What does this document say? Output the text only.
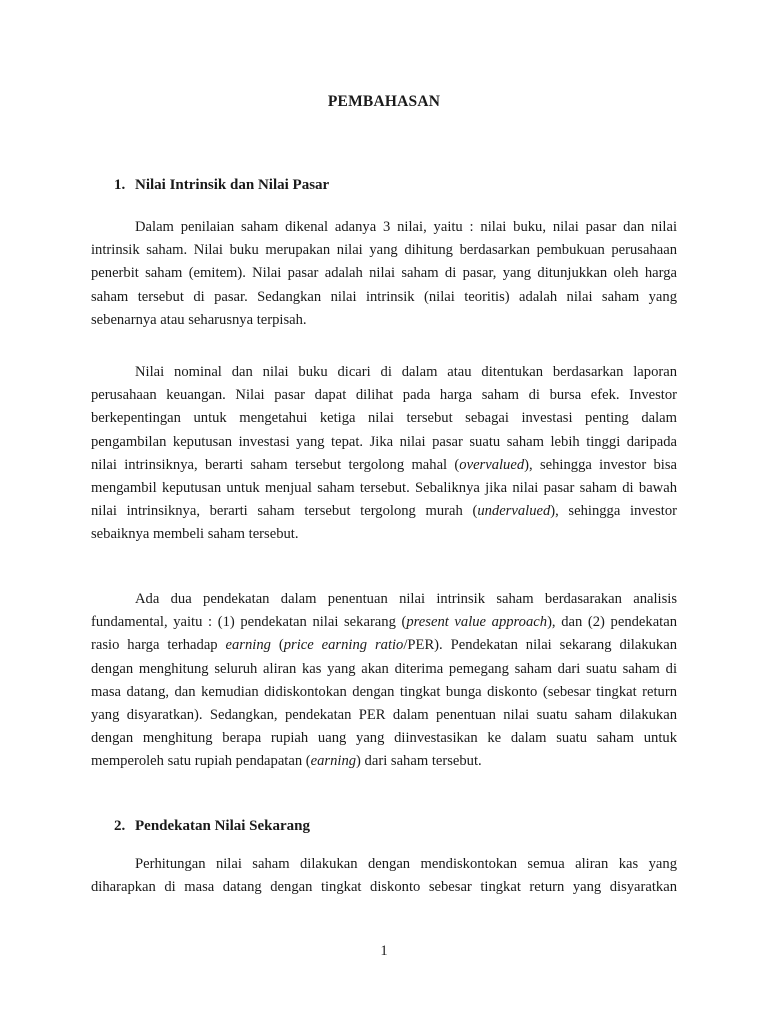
PEMBAHASAN
1. Nilai Intrinsik dan Nilai Pasar
Dalam penilaian saham dikenal adanya 3 nilai, yaitu : nilai buku, nilai pasar dan nilai
intrinsik saham. Nilai buku merupakan nilai yang dihitung berdasarkan pembukuan perusahaan
penerbit saham (emitem). Nilai pasar adalah nilai saham di pasar, yang ditunjukkan oleh harga
saham tersebut di pasar. Sedangkan nilai intrinsik (nilai teoritis) adalah nilai saham yang
sebenarnya atau seharusnya terpisah.
Nilai nominal dan nilai buku dicari di dalam atau ditentukan berdasarkan laporan
perusahaan keuangan. Nilai pasar dapat dilihat pada harga saham di bursa efek. Investor
berkepentingan untuk mengetahui ketiga nilai tersebut sebagai investasi penting dalam
pengambilan keputusan investasi yang tepat. Jika nilai pasar suatu saham lebih tinggi daripada
nilai intrinsiknya, berarti saham tersebut tergolong mahal (overvalued), sehingga investor bisa
mengambil keputusan untuk menjual saham tersebut. Sebaliknya jika nilai pasar saham di bawah
nilai intrinsiknya, berarti saham tersebut tergolong murah (undervalued), sehingga investor
sebaiknya membeli saham tersebut.
Ada dua pendekatan dalam penentuan nilai intrinsik saham berdasarakan analisis
fundamental, yaitu : (1) pendekatan nilai sekarang (present value approach), dan (2) pendekatan
rasio harga terhadap earning (price earning ratio/PER). Pendekatan nilai sekarang dilakukan
dengan menghitung seluruh aliran kas yang akan diterima pemegang saham dari suatu saham di
masa datang, dan kemudian didiskontokan dengan tingkat bunga diskonto (sebesar tingkat return
yang disyaratkan). Sedangkan, pendekatan PER dalam penentuan nilai suatu saham dilakukan
dengan menghitung berapa rupiah uang yang diinvestasikan ke dalam suatu saham untuk
memperoleh satu rupiah pendapatan (earning) dari saham tersebut.
2. Pendekatan Nilai Sekarang
Perhitungan nilai saham dilakukan dengan mendiskontokan semua aliran kas yang
diharapkan di masa datang dengan tingkat diskonto sebesar tingkat return yang disyaratkan
1
